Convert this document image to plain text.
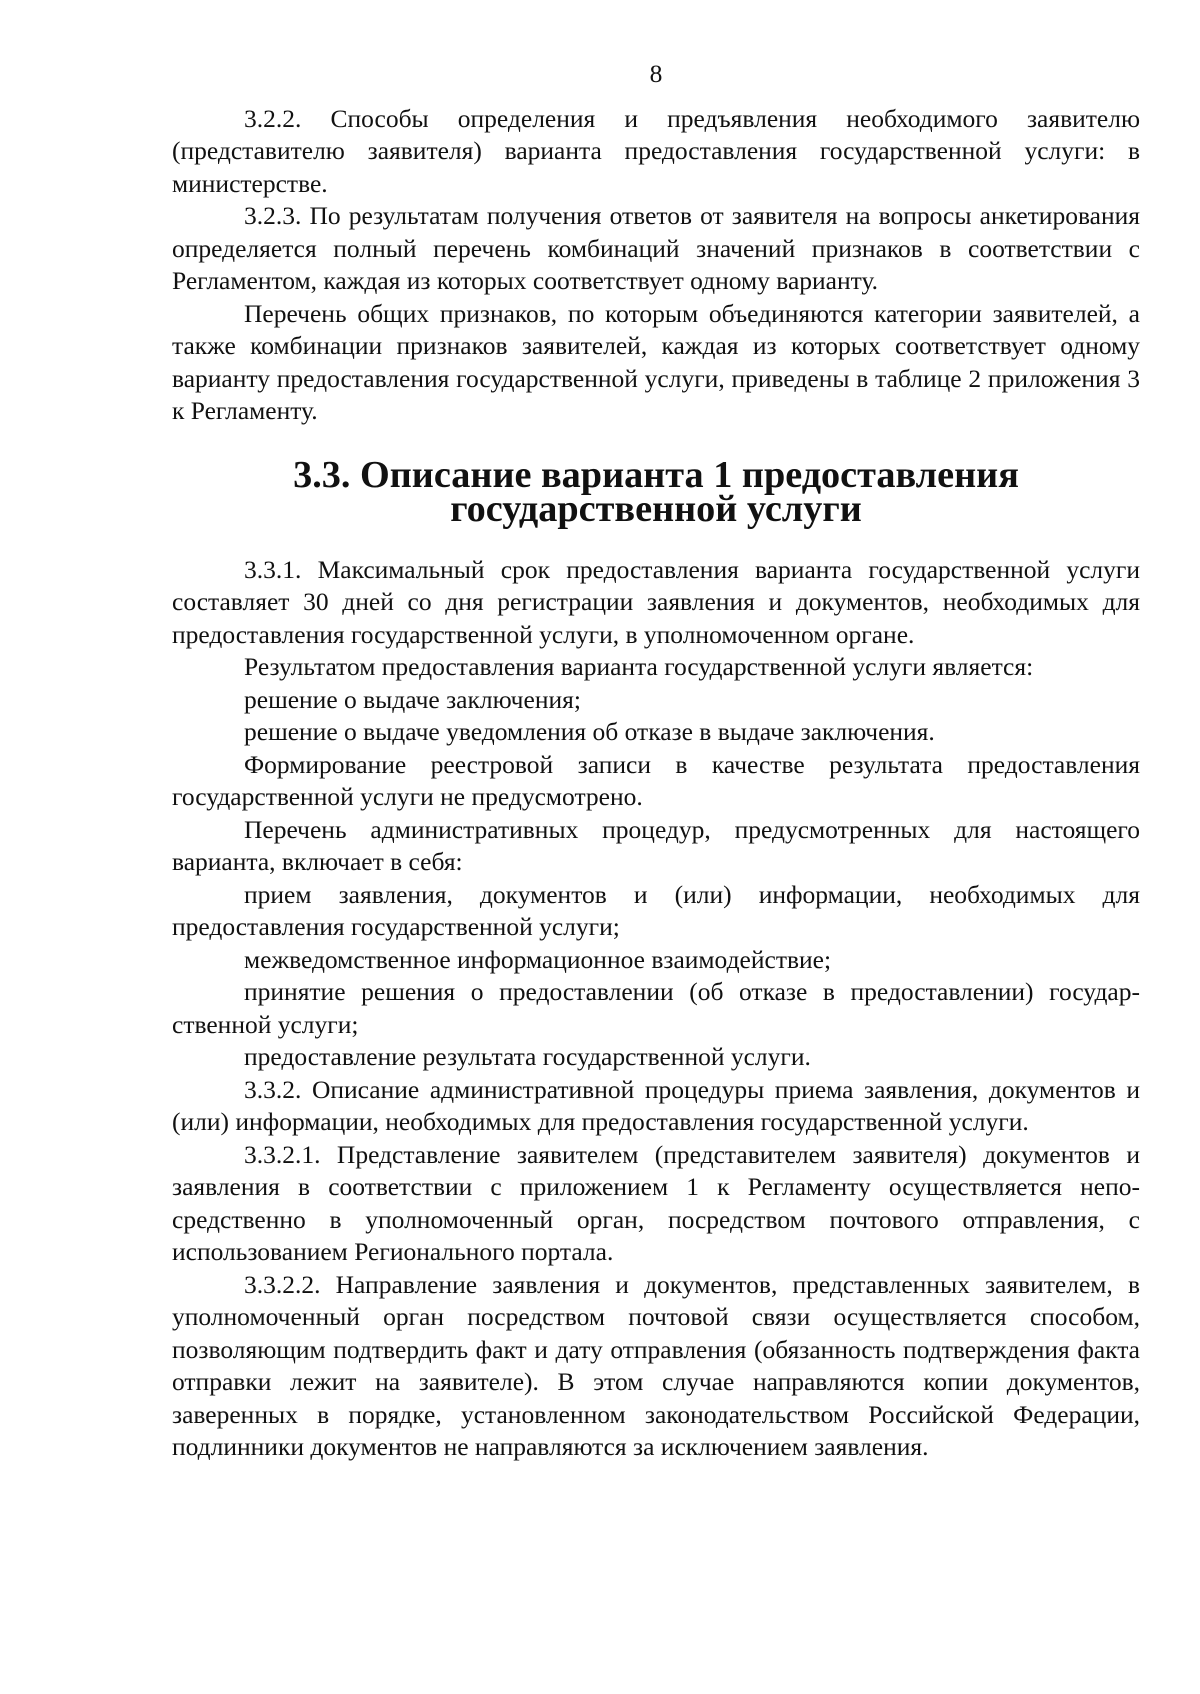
8

3.2.2. Способы определения и предъявления необходимого заявителю (представителю заявителя) варианта предоставления государственной услуги: в министерстве.

3.2.3. По результатам получения ответов от заявителя на вопросы анкетирования определяется полный перечень комбинаций значений признаков в соответствии с Регламентом, каждая из которых соответствует одному варианту.

Перечень общих признаков, по которым объединяются категории заявителей, а также комбинации признаков заявителей, каждая из которых соответствует одному варианту предоставления государственной услуги, приведены в таблице 2 приложения 3 к Регламенту.

3.3. Описание варианта 1 предоставления
государственной услуги

3.3.1. Максимальный срок предоставления варианта государственной услуги составляет 30 дней со дня регистрации заявления и документов, необходимых для предоставления государственной услуги, в уполномоченном органе.

Результатом предоставления варианта государственной услуги является:

решение о выдаче заключения;

решение о выдаче уведомления об отказе в выдаче заключения.

Формирование реестровой записи в качестве результата предоставления государственной услуги не предусмотрено.

Перечень административных процедур, предусмотренных для настоящего варианта, включает в себя:

прием заявления, документов и (или) информации, необходимых для предоставления государственной услуги;

межведомственное информационное взаимодействие;

принятие решения о предоставлении (об отказе в предоставлении) государственной услуги;

предоставление результата государственной услуги.

3.3.2. Описание административной процедуры приема заявления, документов и (или) информации, необходимых для предоставления государственной услуги.

3.3.2.1. Представление заявителем (представителем заявителя) документов и заявления в соответствии с приложением 1 к Регламенту осуществляется непосредственно в уполномоченный орган, посредством почтового отправления, с использованием Регионального портала.

3.3.2.2. Направление заявления и документов, представленных заявителем, в уполномоченный орган посредством почтовой связи осуществляется способом, позволяющим подтвердить факт и дату отправления (обязанность подтверждения факта отправки лежит на заявителе). В этом случае направляются копии документов, заверенных в порядке, установленном законодательством Российской Федерации, подлинники документов не направляются за исключением заявления.
